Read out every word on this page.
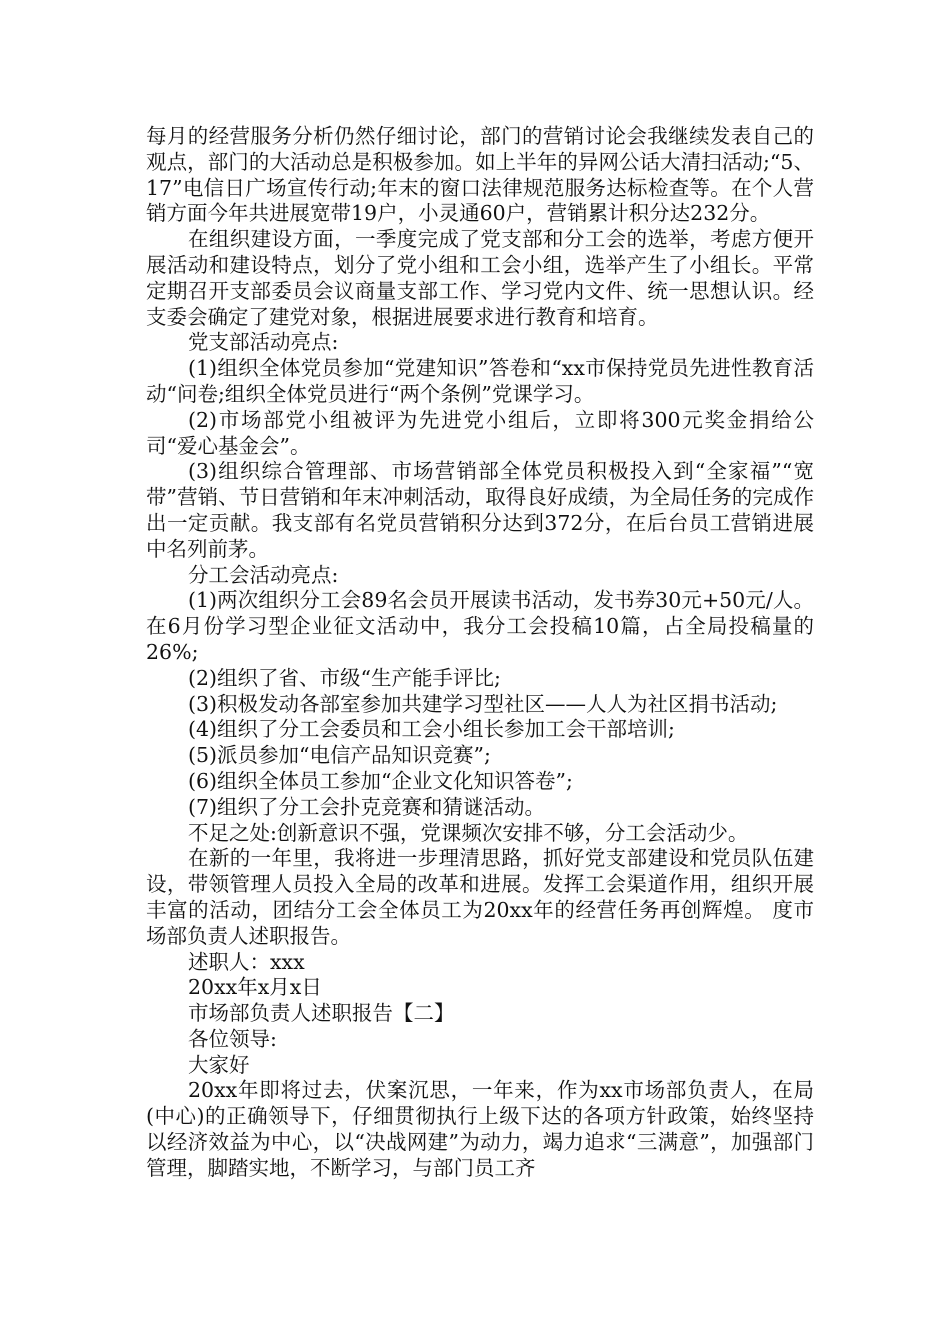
每月的经营服务分析仍然仔细讨论，部门的营销讨论会我继续发表自己的观点，部门的大活动总是积极参加。如上半年的异网公话大清扫活动;“5、17”电信日广场宣传行动;年末的窗口法律规范服务达标检查等。在个人营销方面今年共进展宽带19户，小灵通60户，营销累计积分达232分。

在组织建设方面，一季度完成了党支部和分工会的选举，考虑方便开展活动和建设特点，划分了党小组和工会小组，选举产生了小组长。平常定期召开支部委员会议商量支部工作、学习党内文件、统一思想认识。经支委会确定了建党对象，根据进展要求进行教育和培育。

党支部活动亮点:

(1)组织全体党员参加“党建知识”答卷和“xx市保持党员先进性教育活动“问卷;组织全体党员进行“两个条例”党课学习。

(2)市场部党小组被评为先进党小组后，立即将300元奖金捐给公司“爱心基金会”。

(3)组织综合管理部、市场营销部全体党员积极投入到“全家福”“宽带”营销、节日营销和年末冲刺活动，取得良好成绩，为全局任务的完成作出一定贡献。我支部有名党员营销积分达到372分，在后台员工营销进展中名列前茅。

分工会活动亮点:

(1)两次组织分工会89名会员开展读书活动，发书券30元+50元/人。在6月份学习型企业征文活动中，我分工会投稿10篇，占全局投稿量的26%;

(2)组织了省、市级“生产能手评比;

(3)积极发动各部室参加共建学习型社区——人人为社区捐书活动;

(4)组织了分工会委员和工会小组长参加工会干部培训;

(5)派员参加“电信产品知识竞赛”;

(6)组织全体员工参加“企业文化知识答卷”;

(7)组织了分工会扑克竞赛和猜谜活动。

不足之处:创新意识不强，党课频次安排不够，分工会活动少。

在新的一年里，我将进一步理清思路，抓好党支部建设和党员队伍建设，带领管理人员投入全局的改革和进展。发挥工会渠道作用，组织开展丰富的活动，团结分工会全体员工为20xx年的经营任务再创辉煌。 度市场部负责人述职报告。

述职人：xxx

20xx年x月x日

市场部负责人述职报告【二】

各位领导:

大家好

20xx年即将过去，伏案沉思，一年来，作为xx市场部负责人，在局(中心)的正确领导下，仔细贯彻执行上级下达的各项方针政策，始终坚持以经济效益为中心，以“决战网建”为动力，竭力追求“三满意”，加强部门管理，脚踏实地，不断学习，与部门员工齐
